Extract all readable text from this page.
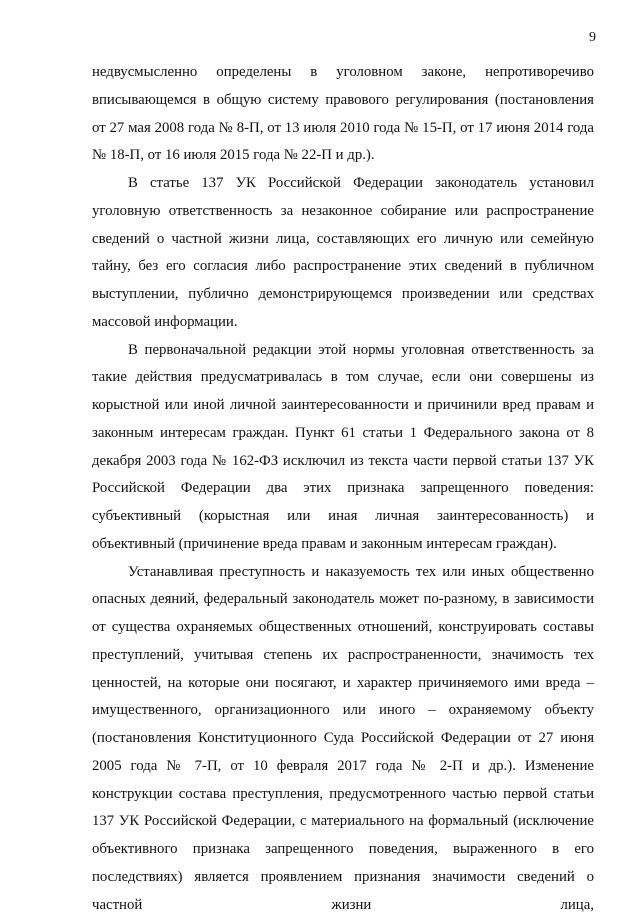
9

недвусмысленно определены в уголовном законе, непротиворечиво вписывающемся в общую систему правового регулирования (постановления от 27 мая 2008 года № 8-П, от 13 июля 2010 года № 15-П, от 17 июня 2014 года № 18-П, от 16 июля 2015 года № 22-П и др.).

В статье 137 УК Российской Федерации законодатель установил уголовную ответственность за незаконное собирание или распространение сведений о частной жизни лица, составляющих его личную или семейную тайну, без его согласия либо распространение этих сведений в публичном выступлении, публично демонстрирующемся произведении или средствах массовой информации.

В первоначальной редакции этой нормы уголовная ответственность за такие действия предусматривалась в том случае, если они совершены из корыстной или иной личной заинтересованности и причинили вред правам и законным интересам граждан. Пункт 61 статьи 1 Федерального закона от 8 декабря 2003 года № 162-ФЗ исключил из текста части первой статьи 137 УК Российской Федерации два этих признака запрещенного поведения: субъективный (корыстная или иная личная заинтересованность) и объективный (причинение вреда правам и законным интересам граждан).

Устанавливая преступность и наказуемость тех или иных общественно опасных деяний, федеральный законодатель может по-разному, в зависимости от существа охраняемых общественных отношений, конструировать составы преступлений, учитывая степень их распространенности, значимость тех ценностей, на которые они посягают, и характер причиняемого ими вреда – имущественного, организационного или иного – охраняемому объекту (постановления Конституционного Суда Российской Федерации от 27 июня 2005 года № 7-П, от 10 февраля 2017 года № 2-П и др.). Изменение конструкции состава преступления, предусмотренного частью первой статьи 137 УК Российской Федерации, с материального на формальный (исключение объективного признака запрещенного поведения, выраженного в его последствиях) является проявлением признания значимости сведений о частной жизни лица,
